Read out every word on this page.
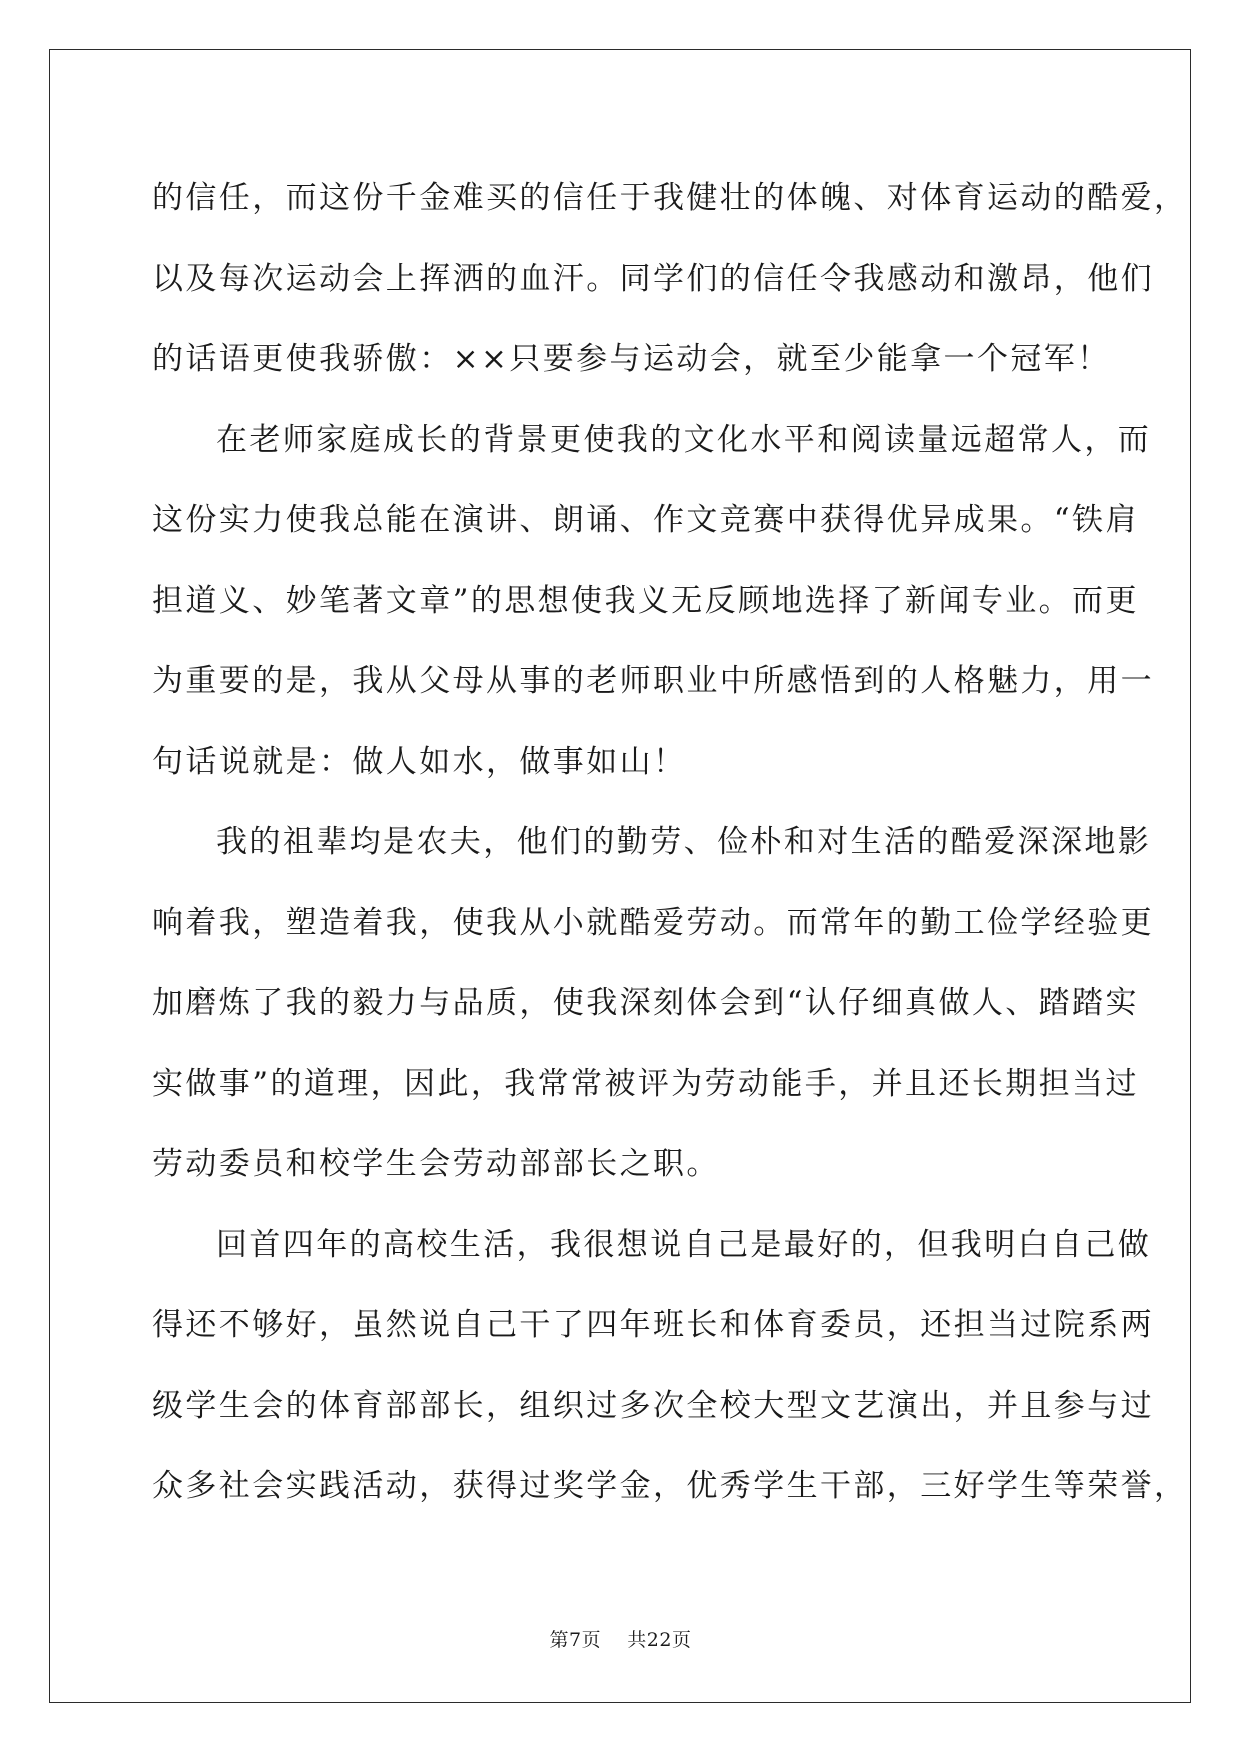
的信任，而这份千金难买的信任于我健壮的体魄、对体育运动的酷爱，
以及每次运动会上挥洒的血汗。同学们的信任令我感动和激昂，他们
的话语更使我骄傲：××只要参与运动会，就至少能拿一个冠军！
在老师家庭成长的背景更使我的文化水平和阅读量远超常人，而
这份实力使我总能在演讲、朗诵、作文竞赛中获得优异成果。“铁肩
担道义、妙笔著文章”的思想使我义无反顾地选择了新闻专业。而更
为重要的是，我从父母从事的老师职业中所感悟到的人格魅力，用一
句话说就是：做人如水，做事如山！
我的祖辈均是农夫，他们的勤劳、俭朴和对生活的酷爱深深地影
响着我，塑造着我，使我从小就酷爱劳动。而常年的勤工俭学经验更
加磨炼了我的毅力与品质，使我深刻体会到“认仔细真做人、踏踏实
实做事”的道理，因此，我常常被评为劳动能手，并且还长期担当过
劳动委员和校学生会劳动部部长之职。
回首四年的高校生活，我很想说自己是最好的，但我明白自己做
得还不够好，虽然说自己干了四年班长和体育委员，还担当过院系两
级学生会的体育部部长，组织过多次全校大型文艺演出，并且参与过
众多社会实践活动，获得过奖学金，优秀学生干部，三好学生等荣誉，
第7页 共22页
